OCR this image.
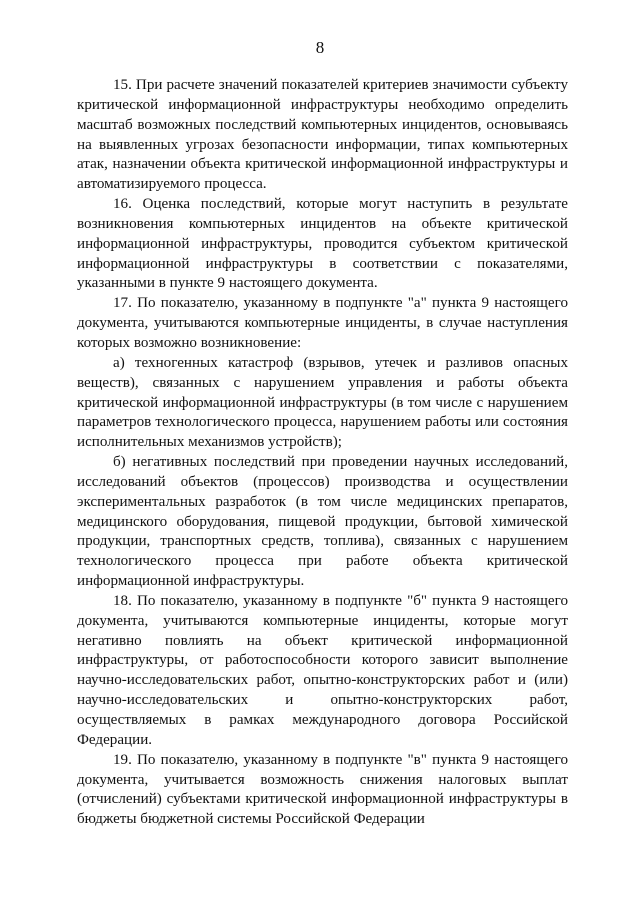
8

15. При расчете значений показателей критериев значимости субъекту критической информационной инфраструктуры необходимо определить масштаб возможных последствий компьютерных инцидентов, основываясь на выявленных угрозах безопасности информации, типах компьютерных атак, назначении объекта критической информационной инфраструктуры и автоматизируемого процесса.

16. Оценка последствий, которые могут наступить в результате возникновения компьютерных инцидентов на объекте критической информационной инфраструктуры, проводится субъектом критической информационной инфраструктуры в соответствии с показателями, указанными в пункте 9 настоящего документа.

17. По показателю, указанному в подпункте "а" пункта 9 настоящего документа, учитываются компьютерные инциденты, в случае наступления которых возможно возникновение:

а) техногенных катастроф (взрывов, утечек и разливов опасных веществ), связанных с нарушением управления и работы объекта критической информационной инфраструктуры (в том числе с нарушением параметров технологического процесса, нарушением работы или состояния исполнительных механизмов устройств);

б) негативных последствий при проведении научных исследований, исследований объектов (процессов) производства и осуществлении экспериментальных разработок (в том числе медицинских препаратов, медицинского оборудования, пищевой продукции, бытовой химической продукции, транспортных средств, топлива), связанных с нарушением технологического процесса при работе объекта критической информационной инфраструктуры.

18. По показателю, указанному в подпункте "б" пункта 9 настоящего документа, учитываются компьютерные инциденты, которые могут негативно повлиять на объект критической информационной инфраструктуры, от работоспособности которого зависит выполнение научно-исследовательских работ, опытно-конструкторских работ и (или) научно-исследовательских и опытно-конструкторских работ, осуществляемых в рамках международного договора Российской Федерации.

19. По показателю, указанному в подпункте "в" пункта 9 настоящего документа, учитывается возможность снижения налоговых выплат (отчислений) субъектами критической информационной инфраструктуры в бюджеты бюджетной системы Российской Федерации
